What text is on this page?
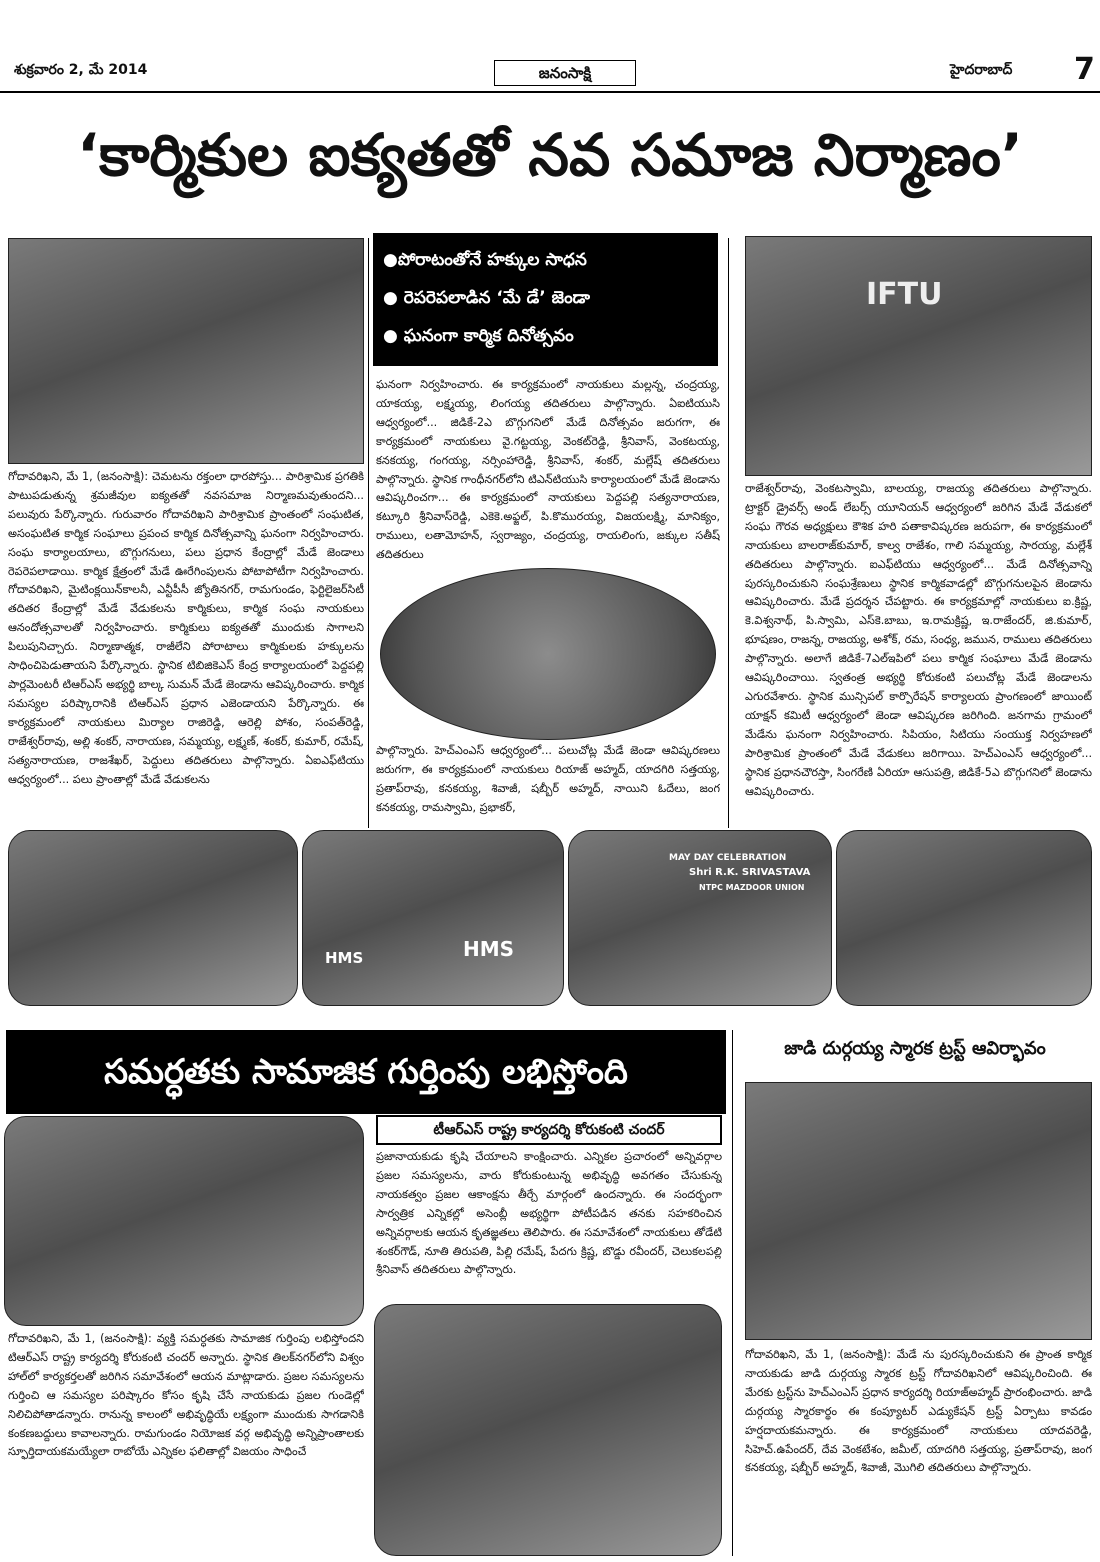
శుక్రవారం 2, మే 2014	జనంసాక్షి	హైదరాబాద్ 7
‘కార్మికుల ఐక్యతతో నవ సమాజ నిర్మాణం’
●పోరాటంతోనే హక్కుల సాధన
● రెపరెపలాడిన ‘మే డే’ జెండా
● ఘనంగా కార్మిక దినోత్సవం
IFTU
గోదావరిఖని, మే 1, (జనంసాక్షి): చెమటను రక్తంలా ధారపోస్తు... పారిశ్రామిక ప్రగతికి పాటుపడుతున్న శ్రమజీవుల ఐక్యతతో నవసమాజ నిర్మాణమవుతుందని... పలువురు పేర్కొన్నారు. గురువారం గోదావరిఖని పారిశ్రామిక ప్రాంతంలో సంఘటిత, అసంఘటిత కార్మిక సంఘాలు ప్రపంచ కార్మిక దినోత్సవాన్ని ఘనంగా నిర్వహించారు. సంఘ కార్యాలయాలు, బొగ్గుగనులు, పలు ప్రధాన కేంద్రాల్లో మేడే జెండాలు రెపరెపలాడాయి. కార్మిక క్షేత్రంలో మేడే ఊరేగింపులను పోటాపోటీగా నిర్వహించారు. గోదావరిఖని, మైటింక్లయిన్‌కాలనీ, ఎన్టీపీసీ జ్యోతినగర్, రామగుండం, ఫెర్టిలైజర్‌సిటీ తదితర కేంద్రాల్లో మేడే వేడుకలను కార్మికులు, కార్మిక సంఘ నాయకులు ఆనందోత్సవాలతో నిర్వహించారు. కార్మికులు ఐక్యతతో ముందుకు సాగాలని పిలుపునిచ్చారు. నిర్మాణాత్మక, రాజీలేని పోరాటాలు కార్మికులకు హక్కులను సాధించిపెడుతాయని పేర్కొన్నారు. స్థానిక టిబిజికెఎస్ కేంద్ర కార్యాలయంలో పెద్దపల్లి పార్లమెంటరీ టిఆర్ఎస్ అభ్యర్థి బాల్క సుమన్ మేడే జెండాను ఆవిష్కరించారు. కార్మిక సమస్యల పరిష్కారానికి టిఆర్ఎస్ ప్రధాన ఎజెండాయని పేర్కొన్నారు. ఈ కార్యక్రమంలో నాయకులు మిర్యాల రాజిరెడ్డి, ఆరెల్లి పోశం, సంపత్‌రెడ్డి, రాజేశ్వర్‌రావు, అల్లి శంకర్, నారాయణ, సమ్మయ్య, లక్ష్మణ్, శంకర్, కుమార్, రమేష్, సత్యనారాయణ, రాజశేఖర్, పెద్దులు తదితరులు పాల్గొన్నారు. ఏఐఎఫ్‌టియు ఆధ్వర్యంలో... పలు ప్రాంతాల్లో మేడే వేడుకలను
ఘనంగా నిర్వహించారు. ఈ కార్యక్రమంలో నాయకులు మల్లన్న, చంద్రయ్య, యాకయ్య, లక్ష్మయ్య, లింగయ్య తదితరులు పాల్గొన్నారు. ఏఐటియుసి ఆధ్వర్యంలో... జిడికే-2ఎ బొగ్గుగనిలో మేడే దినోత్సవం జరుగగా, ఈ కార్యక్రమంలో నాయకులు వై.గట్టయ్య, వెంకట్‌రెడ్డి, శ్రీనివాస్, వెంకటయ్య, కనకయ్య, గంగయ్య, నర్సింహారెడ్డి, శ్రీనివాస్, శంకర్, మల్లేష్ తదితరులు పాల్గొన్నారు. స్థానిక గాంధీనగర్‌లోని టిఎన్‌టియుసి కార్యాలయంలో మేడే జెండాను ఆవిష్కరించగా... ఈ కార్యక్రమంలో నాయకులు పెద్దపల్లి సత్యనారాయణ, కట్కూరి శ్రీనివాస్‌రెడ్డి, ఎకెకె.అఫ్జల్, పి.కొమురయ్య, విజయలక్ష్మి, మానిక్యం, రాములు, లతామోహన్, స్వరాజ్యం, చంద్రయ్య, రాయలింగు, జక్కుల సతీష్ తదితరులు
పాల్గొన్నారు. హెచ్ఎంఎస్ ఆధ్వర్యంలో... పలుచోట్ల మేడే జెండా ఆవిష్కరణలు జరుగగా, ఈ కార్యక్రమంలో నాయకులు రియాజ్ అహ్మద్, యాదగిరి సత్తయ్య, ప్రతాప్‌రావు, కనకయ్య, శివాజీ, షబ్బీర్ అహ్మద్, నాయిని ఓదేలు, జంగ కనకయ్య, రామస్వామి, ప్రభాకర్,
రాజేశ్వర్‌రావు, వెంకటస్వామి, బాలయ్య, రాజయ్య తదితరులు పాల్గొన్నారు. ట్రాక్టర్ డ్రైవర్స్ అండ్ లేబర్స్ యూనియన్ ఆధ్వర్యంలో జరిగిన మేడే వేడుకలో సంఘ గౌరవ అధ్యక్షులు కౌశిక హరి పతాకావిష్కరణ జరుపగా, ఈ కార్యక్రమంలో నాయకులు బాలరాజ్‌కుమార్, కాల్వ రాజేశం, గాలి సమ్మయ్య, సారయ్య, మల్లేశ్ తదితరులు పాల్గొన్నారు. ఐఎఫ్‌టియు ఆధ్వర్యంలో... మేడే దినోత్సవాన్ని పురస్కరించుకుని సంఘశ్రేణులు స్థానిక కార్మికవాడల్లో బొగ్గుగనులపైన జెండాను ఆవిష్కరించారు. మేడే ప్రదర్శన చేపట్టారు. ఈ కార్యక్రమాల్లో నాయకులు ఐ.క్రిష్ణ, కె.విశ్వనాథ్, పి.స్వామి, ఎస్‌కె.బాబు, ఇ.రామక్రిష్ణ, ఇ.రాజేందర్, జి.కుమార్, భూషణం, రాజన్న, రాజయ్య, అశోక్, రమ, సంధ్య, జమున, రాములు తదితరులు పాల్గొన్నారు. అలాగే జిడికే-7ఎల్ఇపిలో పలు కార్మిక సంఘాలు మేడే జెండాను ఆవిష్కరించాయి. స్వతంత్ర అభ్యర్థి కోరుకంటి పలుచోట్ల మేడే జెండాలను ఎగురవేశారు. స్థానిక మున్సిపల్ కార్పొరేషన్ కార్యాలయ ప్రాంగణంలో జాయింట్ యాక్షన్ కమిటీ ఆధ్వర్యంలో జెండా ఆవిష్కరణ జరిగింది. జనగామ గ్రామంలో మేడేను ఘనంగా నిర్వహించారు. సిపియం, సిటియు సంయుక్త నిర్వహణలో పారిశ్రామిక ప్రాంతంలో మేడే వేడుకలు జరిగాయి. హెచ్ఎంఎస్ ఆధ్వర్యంలో... స్థానిక ప్రధానచౌరస్తా, సింగరేణి ఏరియా ఆసుపత్రి, జిడికే-5ఎ బొగ్గుగనిలో జెండాను ఆవిష్కరించారు.
HMS	HMS
MAY DAY CELEBRATION
Shri R.K. SRIVASTAVA
NTPC MAZDOOR UNION
సమర్ధతకు సామాజిక గుర్తింపు లభిస్తోంది
టీఆర్ఎస్ రాష్ట్ర కార్యదర్శి కోరుకంటి చందర్
ప్రజానాయకుడు కృషి చేయాలని కాంక్షించారు. ఎన్నికల ప్రచారంలో అన్నివర్గాల ప్రజల సమస్యలను, వారు కోరుకుంటున్న అభివృద్ధి అవగతం చేసుకున్న నాయకత్వం ప్రజల ఆకాంక్షను తీర్చే మార్గంలో ఉందన్నారు. ఈ సందర్భంగా సార్వత్రిక ఎన్నికల్లో అసెంబ్లీ అభ్యర్థిగా పోటీపడిన తనకు సహకరించిన అన్నివర్గాలకు ఆయన కృతజ్ఞతలు తెలిపారు. ఈ సమావేశంలో నాయకులు తోడేటి శంకర్‌గౌడ్, నూతి తిరుపతి, పిల్లి రమేష్, పేదగు క్రిష్ణ, బొడ్డు రవీందర్, చెలుకలపల్లి శ్రీనివాస్ తదితరులు పాల్గొన్నారు.
గోదావరిఖని, మే 1, (జనంసాక్షి): వ్యక్తి సమర్ధతకు సామాజిక గుర్తింపు లభిస్తోందని టిఆర్ఎస్ రాష్ట్ర కార్యదర్శి కోరుకంటి చందర్ అన్నారు. స్థానిక తిలక్‌నగర్‌లోని విశ్వం హాల్‌లో కార్యకర్తలతో జరిగిన సమావేశంలో ఆయన మాట్లాడారు. ప్రజల సమస్యలను గుర్తించి ఆ సమస్యల పరిష్కారం కోసం కృషి చేసే నాయకుడు ప్రజల గుండెల్లో నిలిచిపోతాడన్నారు. రానున్న కాలంలో అభివృద్ధియే లక్ష్యంగా ముందుకు సాగడానికి కంకణబద్దులు కావాలన్నారు. రామగుండం నియోజక వర్గ అభివృద్ధి అన్నిప్రాంతాలకు స్ఫూర్తిదాయకమయ్యేలా రాబోయే ఎన్నికల ఫలితాల్లో విజయం సాధించే
జాడి దుర్గయ్య స్మారక ట్రస్ట్ ఆవిర్భావం
గోదావరిఖని, మే 1, (జనంసాక్షి): మేడే ను పురస్కరించుకుని ఈ ప్రాంత కార్మిక నాయకుడు జాడి దుర్గయ్య స్మారక ట్రస్ట్ గోదావరిఖనిలో ఆవిష్కరించింది. ఈ మేరకు ట్రస్ట్‌ను హెచ్ఎంఎస్ ప్రధాన కార్యదర్శి రియాజ్‌అహ్మద్ ప్రారంభించారు. జాడి దుర్గయ్య స్మారకార్థం ఈ కంప్యూటర్ ఎడ్యుకేషన్ ట్రస్ట్ ఏర్పాటు కావడం హర్షదాయకమన్నారు. ఈ కార్యక్రమంలో నాయకులు యాదవరెడ్డి, సిహెచ్.ఉపేందర్, దేవ వెంకటేశం, జమీల్, యాదగిరి సత్తయ్య, ప్రతాప్‌రావు, జంగ కనకయ్య, షబ్బీర్ అహ్మద్, శివాజీ, మొగిలి తదితరులు పాల్గొన్నారు.
